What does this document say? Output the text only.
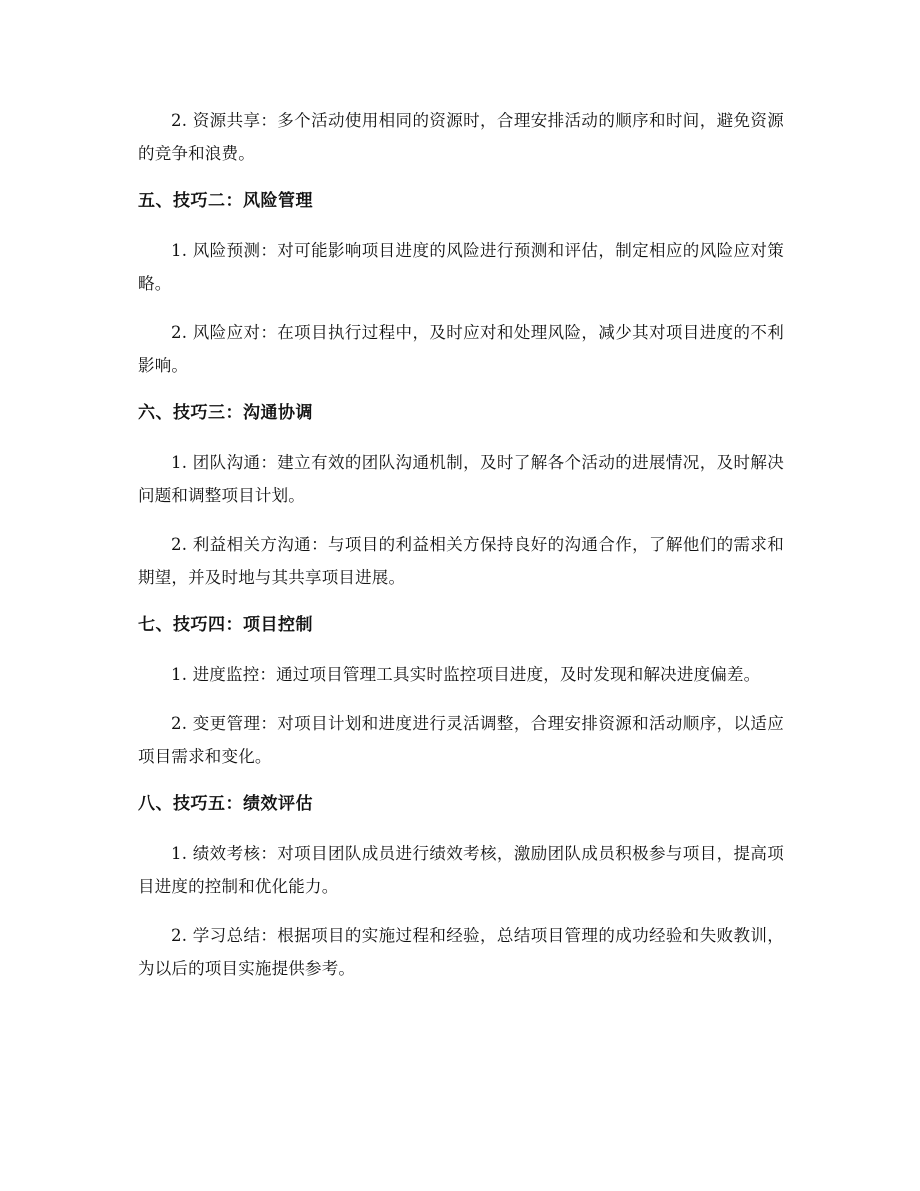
2. 资源共享：多个活动使用相同的资源时，合理安排活动的顺序和时间，避免资源的竞争和浪费。

五、技巧二：风险管理

1. 风险预测：对可能影响项目进度的风险进行预测和评估，制定相应的风险应对策略。

2. 风险应对：在项目执行过程中，及时应对和处理风险，减少其对项目进度的不利影响。

六、技巧三：沟通协调

1. 团队沟通：建立有效的团队沟通机制，及时了解各个活动的进展情况，及时解决问题和调整项目计划。

2. 利益相关方沟通：与项目的利益相关方保持良好的沟通合作，了解他们的需求和期望，并及时地与其共享项目进展。

七、技巧四：项目控制

1. 进度监控：通过项目管理工具实时监控项目进度，及时发现和解决进度偏差。

2. 变更管理：对项目计划和进度进行灵活调整，合理安排资源和活动顺序，以适应项目需求和变化。

八、技巧五：绩效评估

1. 绩效考核：对项目团队成员进行绩效考核，激励团队成员积极参与项目，提高项目进度的控制和优化能力。

2. 学习总结：根据项目的实施过程和经验，总结项目管理的成功经验和失败教训，为以后的项目实施提供参考。
